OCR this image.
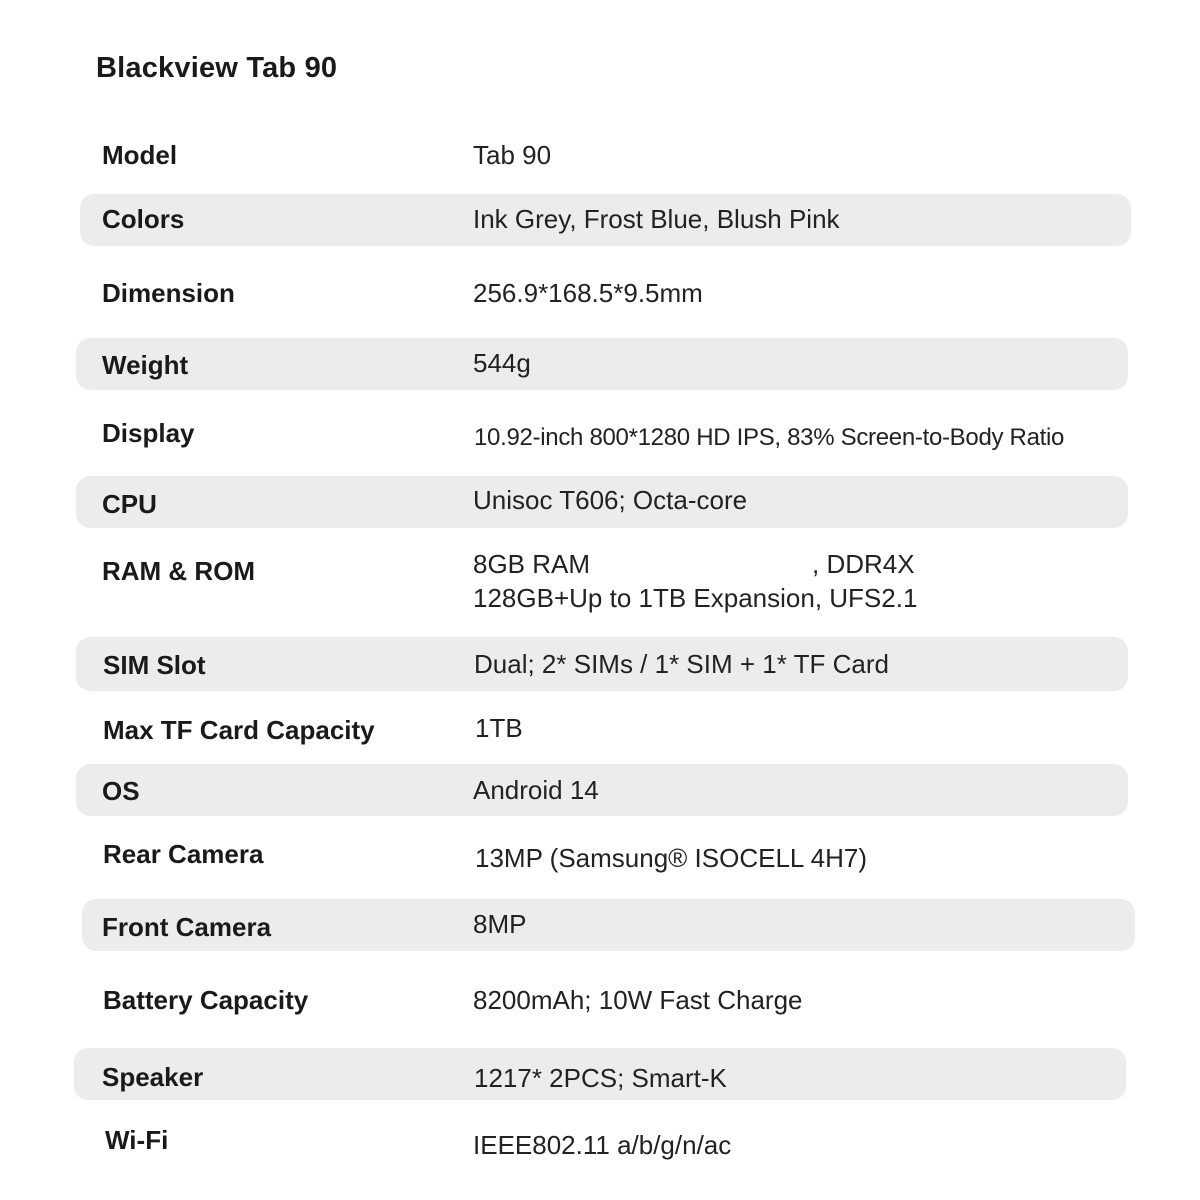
Blackview Tab 90
Model	Tab 90
Colors	Ink Grey, Frost Blue, Blush Pink
Dimension	256.9*168.5*9.5mm
Weight	544g
Display	10.92-inch 800*1280 HD IPS, 83% Screen-to-Body Ratio
CPU	Unisoc T606; Octa-core
RAM & ROM	8GB RAM	, DDR4X
128GB+Up to 1TB Expansion, UFS2.1
SIM Slot	Dual; 2* SIMs / 1* SIM + 1* TF Card
Max TF Card Capacity	1TB
OS	Android 14
Rear Camera	13MP (Samsung® ISOCELL 4H7)
Front Camera	8MP
Battery Capacity	8200mAh; 10W Fast Charge
Speaker	1217* 2PCS; Smart-K
Wi-Fi	IEEE802.11 a/b/g/n/ac
